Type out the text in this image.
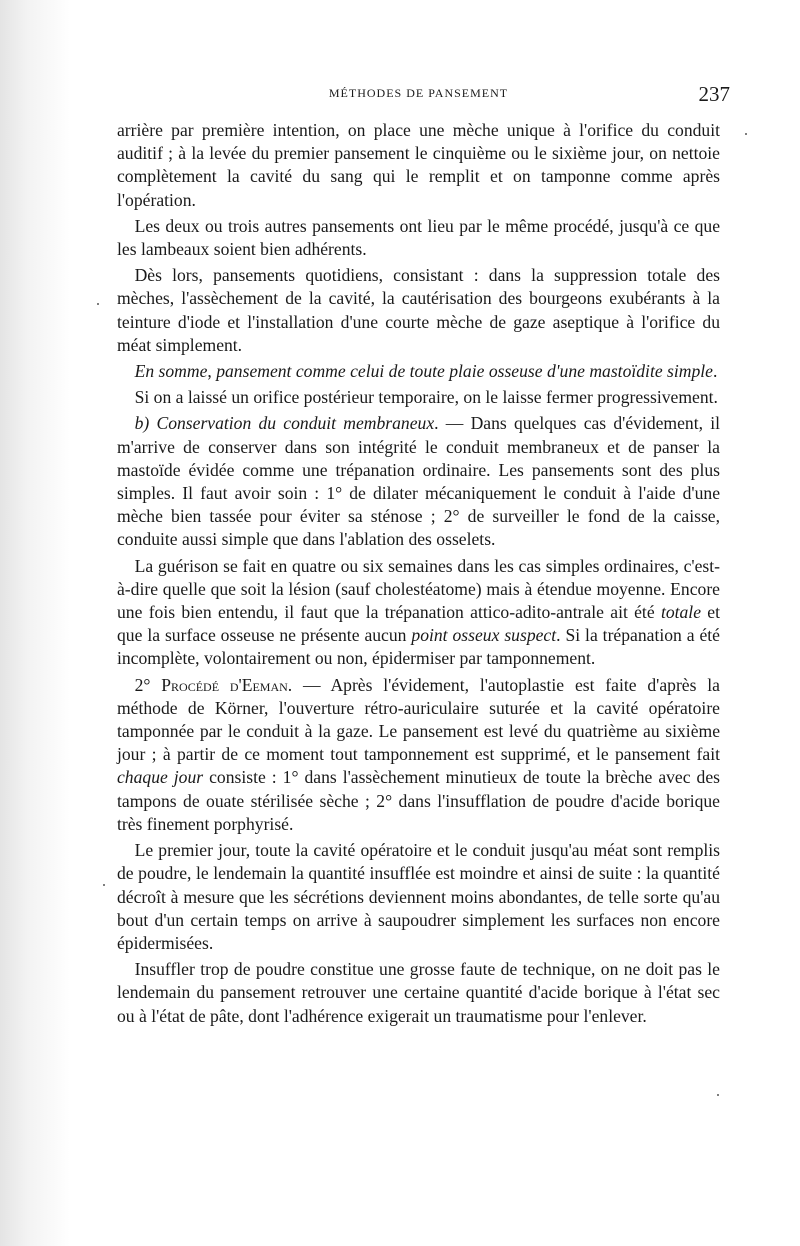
MÉTHODES DE PANSEMENT	237

arrière par première intention, on place une mèche unique à l'orifice du conduit auditif ; à la levée du premier pansement le cinquième ou le sixième jour, on nettoie complètement la cavité du sang qui le remplit et on tamponne comme après l'opération.

Les deux ou trois autres pansements ont lieu par le même procédé, jusqu'à ce que les lambeaux soient bien adhérents.

Dès lors, pansements quotidiens, consistant : dans la suppression totale des mèches, l'assèchement de la cavité, la cautérisation des bourgeons exubérants à la teinture d'iode et l'installation d'une courte mèche de gaze aseptique à l'orifice du méat simplement.

En somme, pansement comme celui de toute plaie osseuse d'une mastoïdite simple.

Si on a laissé un orifice postérieur temporaire, on le laisse fermer progressivement.

b) Conservation du conduit membraneux. — Dans quelques cas d'évidement, il m'arrive de conserver dans son intégrité le conduit membraneux et de panser la mastoïde évidée comme une trépanation ordinaire. Les pansements sont des plus simples. Il faut avoir soin : 1° de dilater mécaniquement le conduit à l'aide d'une mèche bien tassée pour éviter sa sténose ; 2° de surveiller le fond de la caisse, conduite aussi simple que dans l'ablation des osselets.

La guérison se fait en quatre ou six semaines dans les cas simples ordinaires, c'est-à-dire quelle que soit la lésion (sauf cholestéatome) mais à étendue moyenne. Encore une fois bien entendu, il faut que la trépanation attico-adito-antrale ait été totale et que la surface osseuse ne présente aucun point osseux suspect. Si la trépanation a été incomplète, volontairement ou non, épidermiser par tamponnement.

2° Procédé d'Eeman. — Après l'évidement, l'autoplastie est faite d'après la méthode de Körner, l'ouverture rétro-auriculaire suturée et la cavité opératoire tamponnée par le conduit à la gaze. Le pansement est levé du quatrième au sixième jour ; à partir de ce moment tout tamponnement est supprimé, et le pansement fait chaque jour consiste : 1° dans l'assèchement minutieux de toute la brèche avec des tampons de ouate stérilisée sèche ; 2° dans l'insufflation de poudre d'acide borique très finement porphyrisé.

Le premier jour, toute la cavité opératoire et le conduit jusqu'au méat sont remplis de poudre, le lendemain la quantité insufflée est moindre et ainsi de suite : la quantité décroît à mesure que les sécrétions deviennent moins abondantes, de telle sorte qu'au bout d'un certain temps on arrive à saupoudrer simplement les surfaces non encore épidermisées.

Insuffler trop de poudre constitue une grosse faute de technique, on ne doit pas le lendemain du pansement retrouver une certaine quantité d'acide borique à l'état sec ou à l'état de pâte, dont l'adhérence exigerait un traumatisme pour l'enlever.
